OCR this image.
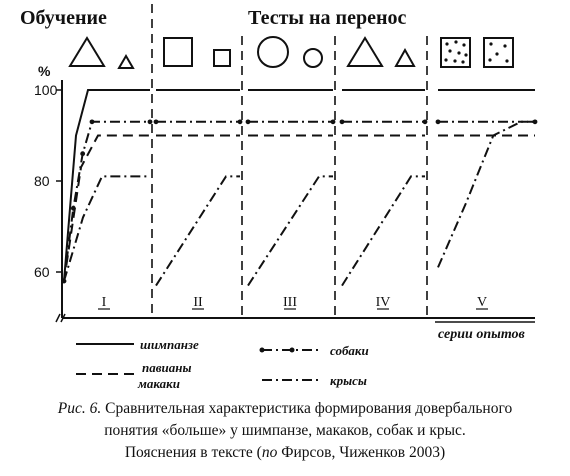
Обучение	Тесты на перенос
%
100
80
60
I	II	III	IV	V
серии опытов
шимпанзе
павианы
макаки
собаки
крысы
Рис. 6. Сравнительная характеристика формирования довербального
понятия «больше» у шимпанзе, макаков, собак и крыс.
Пояснения в тексте (по Фирсов, Чиженков 2003)
